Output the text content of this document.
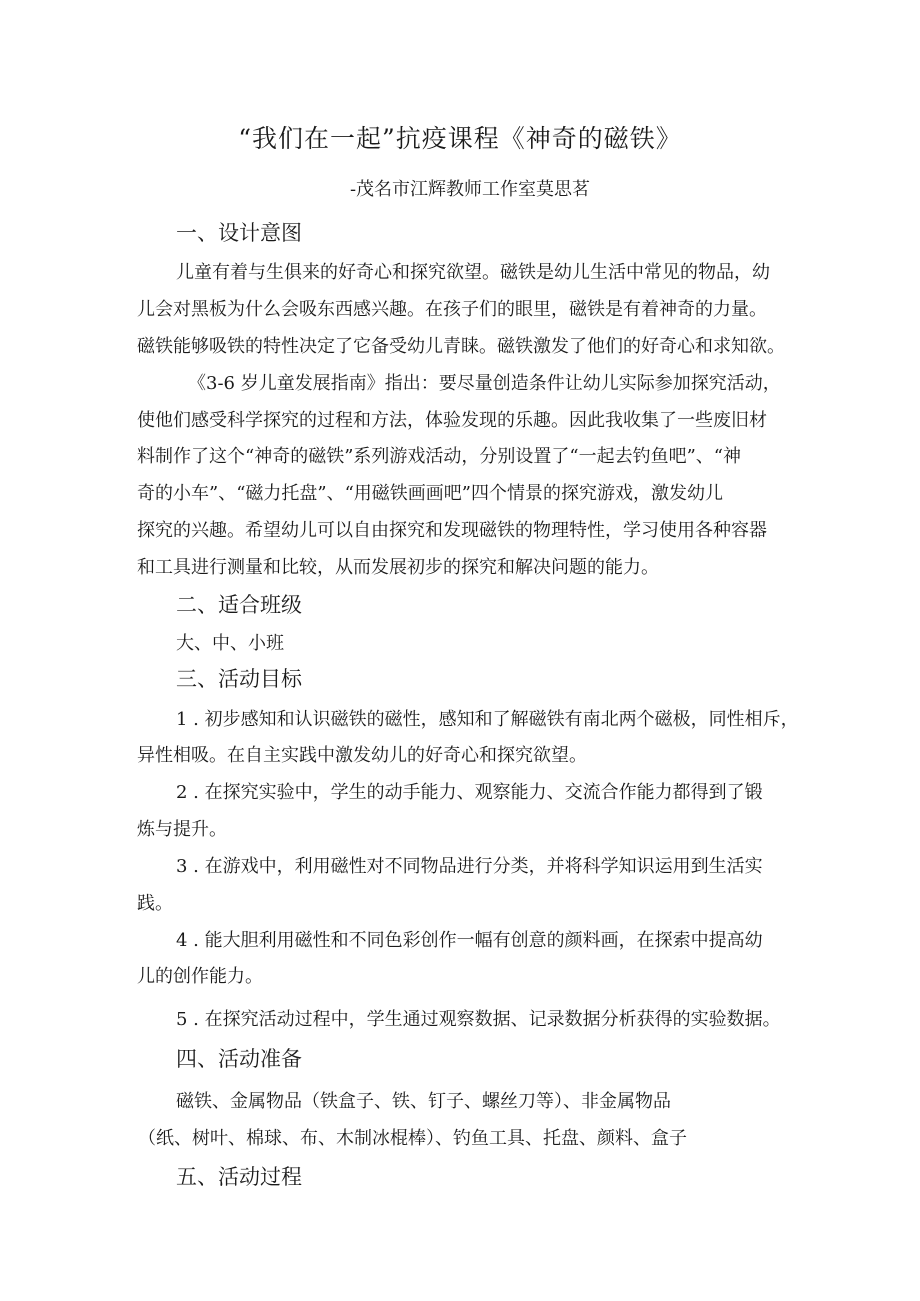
“我们在一起”抗疫课程《神奇的磁铁》
-茂名市江辉教师工作室莫思茗
一、设计意图
儿童有着与生俱来的好奇心和探究欲望。磁铁是幼儿生活中常见的物品，幼
儿会对黑板为什么会吸东西感兴趣。在孩子们的眼里，磁铁是有着神奇的力量。
磁铁能够吸铁的特性决定了它备受幼儿青睐。磁铁激发了他们的好奇心和求知欲。
《3-6 岁儿童发展指南》指出：要尽量创造条件让幼儿实际参加探究活动，
使他们感受科学探究的过程和方法，体验发现的乐趣。因此我收集了一些废旧材
料制作了这个“神奇的磁铁”系列游戏活动，分别设置了“一起去钓鱼吧”、“神
奇的小车”、“磁力托盘”、“用磁铁画画吧”四个情景的探究游戏，激发幼儿
探究的兴趣。希望幼儿可以自由探究和发现磁铁的物理特性，学习使用各种容器
和工具进行测量和比较，从而发展初步的探究和解决问题的能力。
二、适合班级
大、中、小班
三、活动目标
1 . 初步感知和认识磁铁的磁性，感知和了解磁铁有南北两个磁极，同性相斥，
异性相吸。在自主实践中激发幼儿的好奇心和探究欲望。
2 . 在探究实验中，学生的动手能力、观察能力、交流合作能力都得到了锻
炼与提升。
3 . 在游戏中，利用磁性对不同物品进行分类，并将科学知识运用到生活实
践。
4 . 能大胆利用磁性和不同色彩创作一幅有创意的颜料画，在探索中提高幼
儿的创作能力。
5 . 在探究活动过程中，学生通过观察数据、记录数据分析获得的实验数据。
四、活动准备
磁铁、金属物品（铁盒子、铁、钉子、螺丝刀等）、非金属物品
（纸、树叶、棉球、布、木制冰棍棒）、钓鱼工具、托盘、颜料、盒子
五、活动过程
